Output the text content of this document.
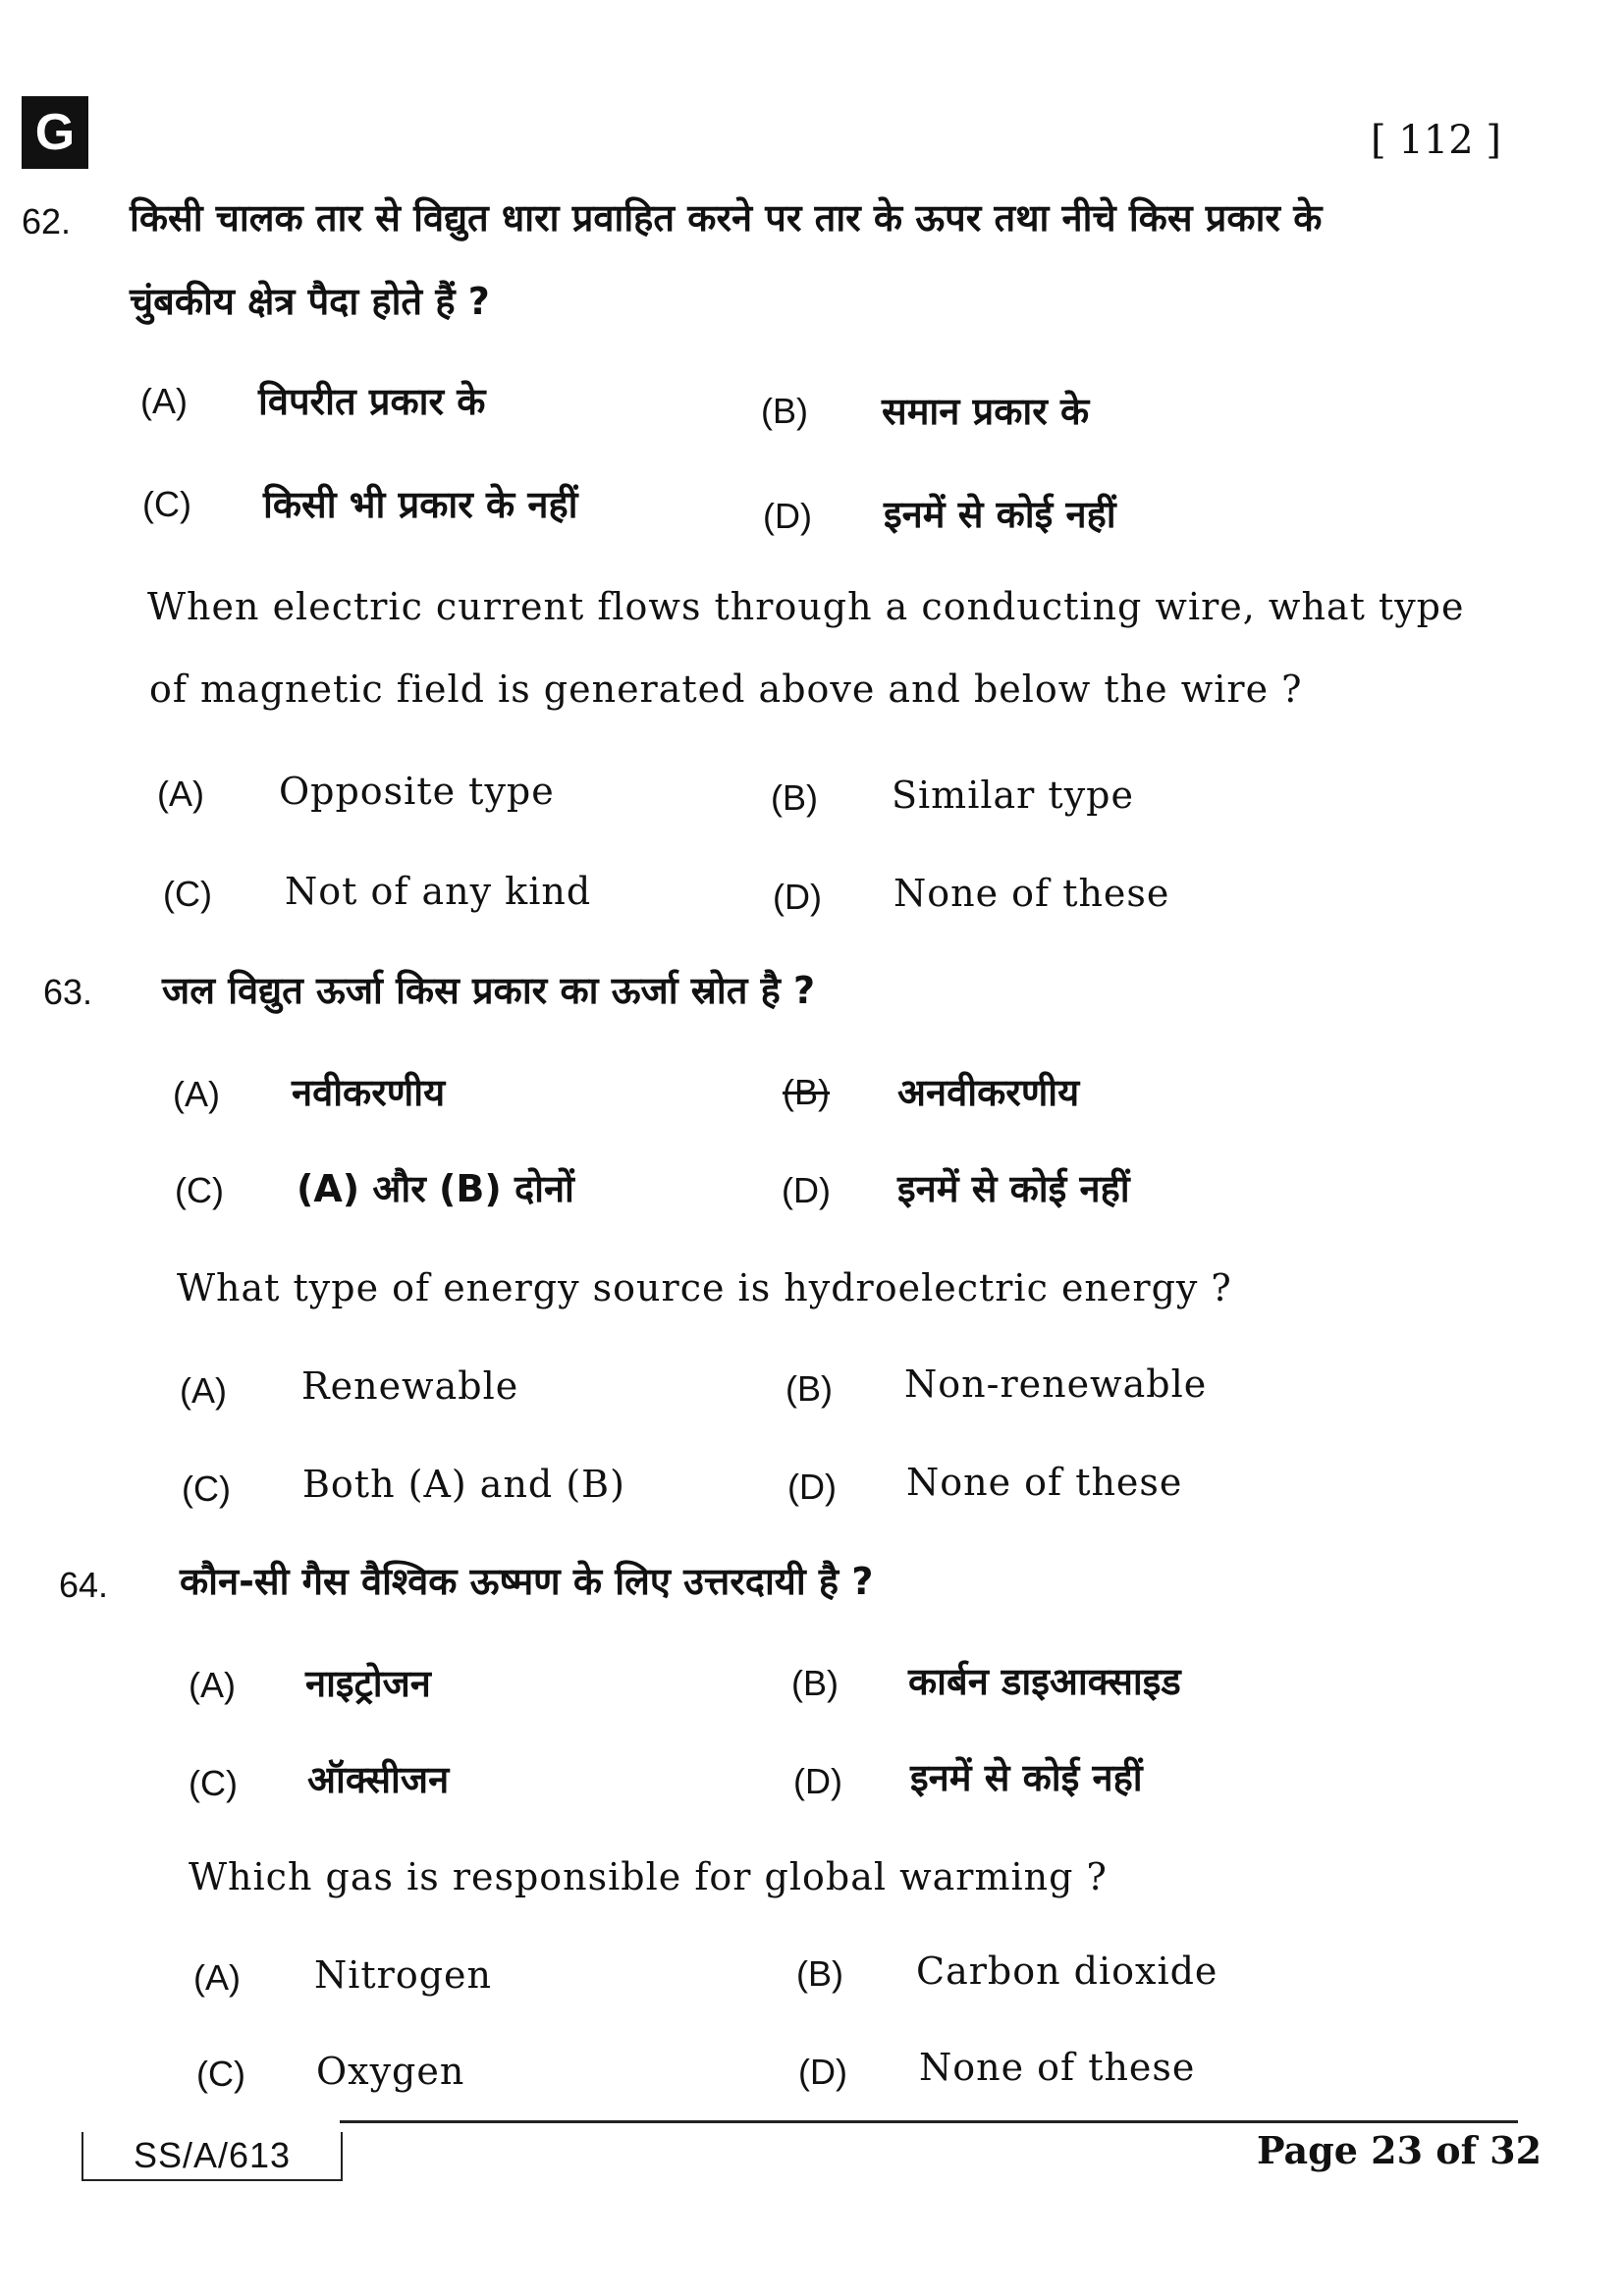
G	[ 112 ]
62. किसी चालक तार से विद्युत धारा प्रवाहित करने पर तार के ऊपर तथा नीचे किस प्रकार के
चुंबकीय क्षेत्र पैदा होते हैं ?
(A) विपरीत प्रकार के	(B) समान प्रकार के
(C) किसी भी प्रकार के नहीं	(D) इनमें से कोई नहीं
When electric current flows through a conducting wire, what type
of magnetic field is generated above and below the wire ?
(A) Opposite type	(B) Similar type
(C) Not of any kind	(D) None of these
63. जल विद्युत ऊर्जा किस प्रकार का ऊर्जा स्रोत है ?
(A) नवीकरणीय	(B) अनवीकरणीय
(C) (A) और (B) दोनों	(D) इनमें से कोई नहीं
What type of energy source is hydroelectric energy ?
(A) Renewable	(B) Non-renewable
(C) Both (A) and (B)	(D) None of these
64. कौन-सी गैस वैश्विक ऊष्मण के लिए उत्तरदायी है ?
(A) नाइट्रोजन	(B) कार्बन डाइआक्साइड
(C) ऑक्सीजन	(D) इनमें से कोई नहीं
Which gas is responsible for global warming ?
(A) Nitrogen	(B) Carbon dioxide
(C) Oxygen	(D) None of these
SS/A/613	Page 23 of 32
